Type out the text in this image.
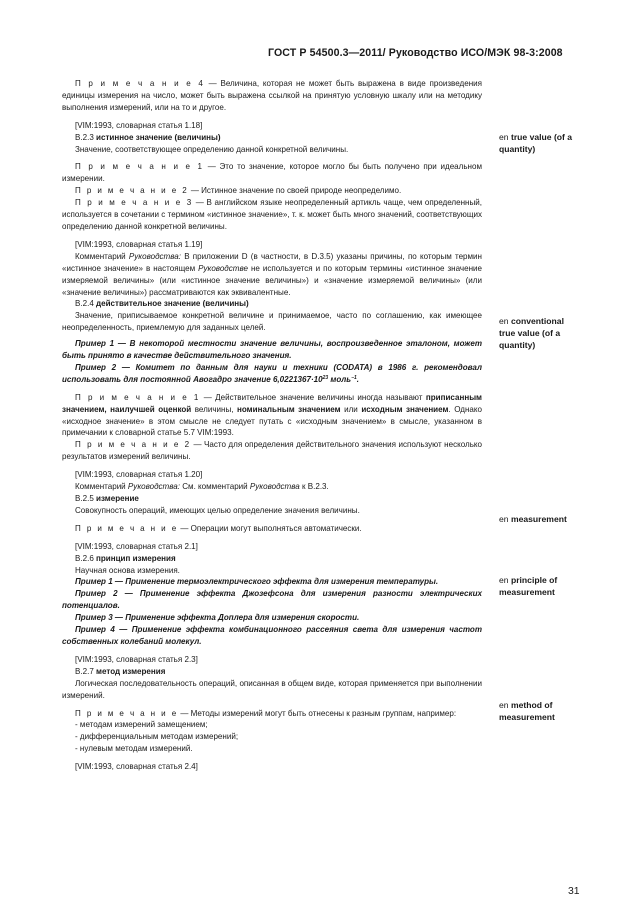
ГОСТ Р 54500.3—2011/ Руководство ИСО/МЭК 98-3:2008
П р и м е ч а н и е 4 — Величина, которая не может быть выражена в виде произведения единицы измерения на число, может быть выражена ссылкой на принятую условную шкалу или на методику выполнения измерений, или на то и другое.
[VIM:1993, словарная статья 1.18]
В.2.3 истинное значение (величины)
Значение, соответствующее определению данной конкретной величины.
П р и м е ч а н и е 1 — Это то значение, которое могло бы быть получено при идеальном измерении.
П р и м е ч а н и е 2 — Истинное значение по своей природе неопределимо.
П р и м е ч а н и е 3 — В английском языке неопределенный артикль чаще, чем определенный, используется в сочетании с термином «истинное значение», т. к. может быть много значений, соответствующих определению данной конкретной величины.
[VIM:1993, словарная статья 1.19]
Комментарий Руководства: В приложении D (в частности, в D.3.5) указаны причины, по которым термин «истинное значение» в настоящем Руководстве не используется и по которым термины «истинное значение измеряемой величины» (или «истинное значение величины») и «значение измеряемой величины» (или «значение величины») рассматриваются как эквивалентные.
В.2.4 действительное значение (величины)
Значение, приписываемое конкретной величине и принимаемое, часто по соглашению, как имеющее неопределенность, приемлемую для заданных целей.
Пример 1 — В некоторой местности значение величины, воспроизведенное эталоном, может быть принято в качестве действительного значения.
Пример 2 — Комитет по данным для науки и техники (CODATA) в 1986 г. рекомендовал использовать для постоянной Авогадро значение $6,0221367\cdot 10^{23}$ моль$^{-1}$.
П р и м е ч а н и е 1 — Действительное значение величины иногда называют приписанным значением, наилучшей оценкой величины, номинальным значением или исходным значением. Однако «исходное значение» в этом смысле не следует путать с «исходным значением» в смысле, указанном в примечании к словарной статье 5.7 VIM:1993.
П р и м е ч а н и е 2 — Часто для определения действительного значения используют несколько результатов измерений величины.
[VIM:1993, словарная статья 1.20]
Комментарий Руководства: См. комментарий Руководства к В.2.3.
В.2.5 измерение
Совокупность операций, имеющих целью определение значения величины.
П р и м е ч а н и е — Операции могут выполняться автоматически.
[VIM:1993, словарная статья 2.1]
В.2.6 принцип измерения
Научная основа измерения.
Пример 1 — Применение термоэлектрического эффекта для измерения температуры.
Пример 2 — Применение эффекта Джозефсона для измерения разности электрических потенциалов.
Пример 3 — Применение эффекта Доплера для измерения скорости.
Пример 4 — Применение эффекта комбинационного рассеяния света для измерения частот собственных колебаний молекул.
[VIM:1993, словарная статья 2.3]
В.2.7 метод измерения
Логическая последовательность операций, описанная в общем виде, которая применяется при выполнении измерений.
П р и м е ч а н и е — Методы измерений могут быть отнесены к разным группам, например:
- методам измерений замещением;
- дифференциальным методам измерений;
- нулевым методам измерений.
[VIM:1993, словарная статья 2.4]
en true value (of a quantity)
en conventional true value (of a quantity)
en measurement
en principle of measurement
en method of measurement
31
